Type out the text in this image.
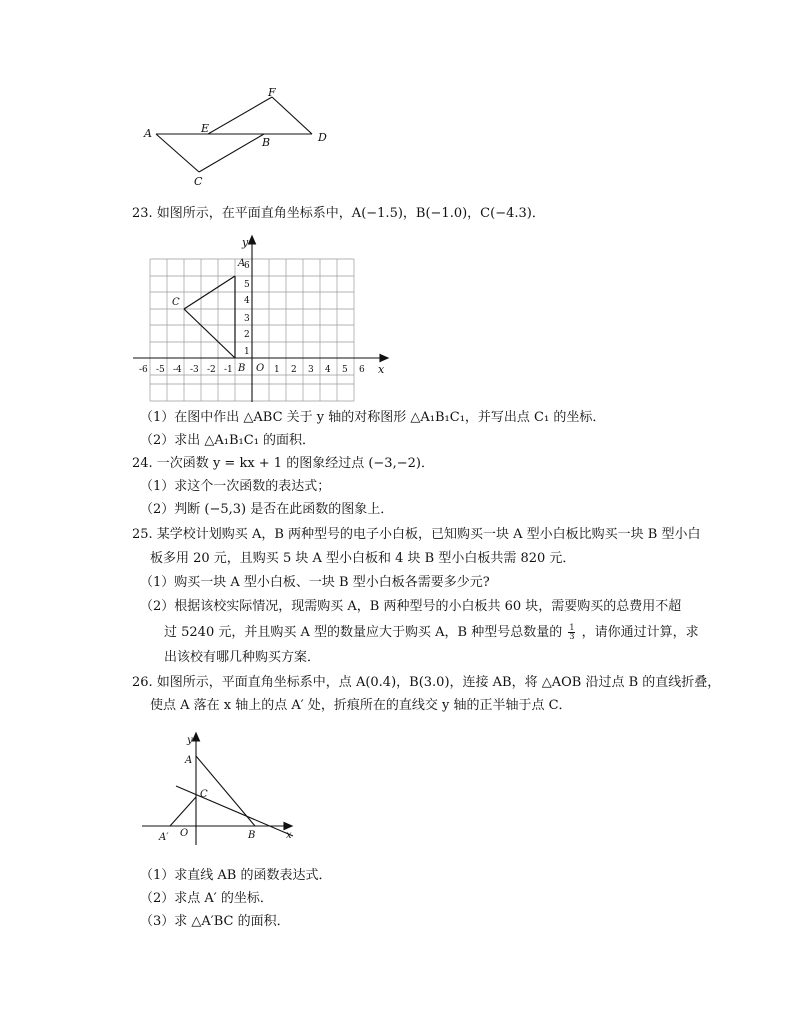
A	E
F
D
B
C
23. 如图所示，在平面直角坐标系中，A(−1.5)，B(−1.0)，C(−4.3)．
y
x
O
B
A
C
-6 -5 -4 -3 -2 -1	1 2 3 4 5 6
1
2
3
4
5
6
（1）在图中作出 △ABC 关于 y 轴的对称图形 △A₁B₁C₁，并写出点 C₁ 的坐标．
（2）求出 △A₁B₁C₁ 的面积．
24. 一次函数 y = kx + 1 的图象经过点 (−3,−2)．
（1）求这个一次函数的表达式；
（2）判断 (−5,3) 是否在此函数的图象上．
25. 某学校计划购买 A，B 两种型号的电子小白板，已知购买一块 A 型小白板比购买一块 B 型小白
板多用 20 元，且购买 5 块 A 型小白板和 4 块 B 型小白板共需 820 元．
（1）购买一块 A 型小白板、一块 B 型小白板各需要多少元?
（2）根据该校实际情况，现需购买 A，B 两种型号的小白板共 60 块，需要购买的总费用不超
过 5240 元，并且购买 A 型的数量应大于购买 A，B 种型号总数量的 $\frac{1}{3}$ ，请你通过计算，求
出该校有哪几种购买方案．
26. 如图所示，平面直角坐标系中，点 A(0.4)，B(3.0)，连接 AB，将 △AOB 沿过点 B 的直线折叠，
使点 A 落在 x 轴上的点 A′ 处，折痕所在的直线交 y 轴的正半轴于点 C．
y
x
A
C
A′ O	B
（1）求直线 AB 的函数表达式．
（2）求点 A′ 的坐标．
（3）求 △A′BC 的面积．
